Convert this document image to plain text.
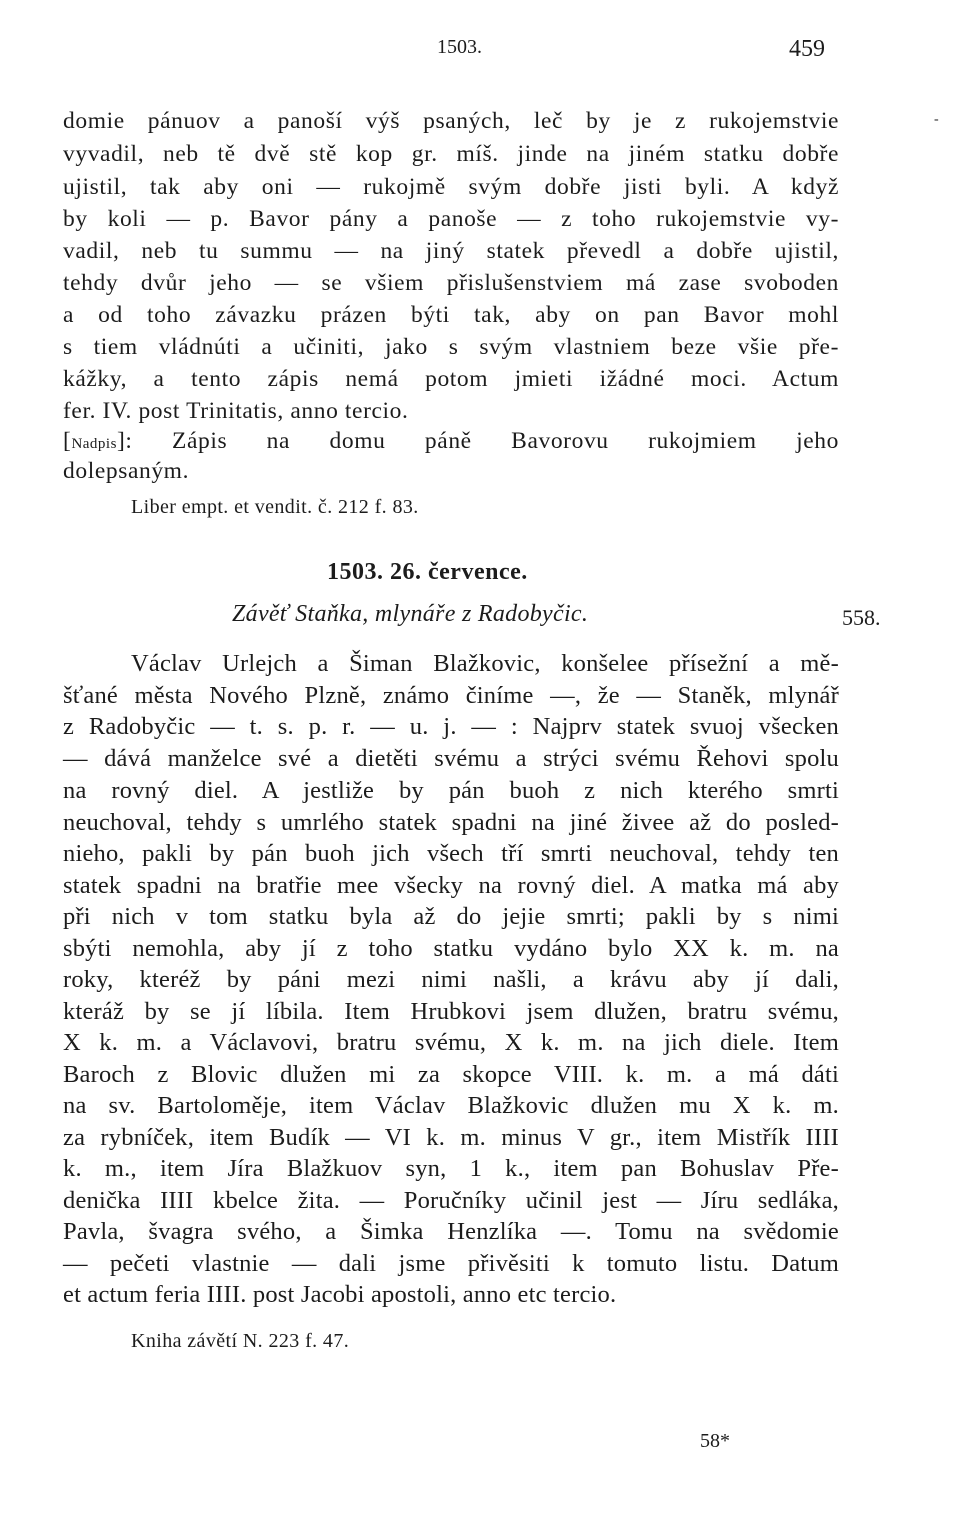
1503.	459
-
domie pánuov a panoší výš psaných, leč by je z rukojemstvie
vyvadil, neb tě dvě stě kop gr. míš. jinde na jiném statku dobře
ujistil, tak aby oni — rukojmě svým dobře jisti byli. A když
by koli — p. Bavor pány a panoše — z toho rukojemstvie vy-
vadil, neb tu summu — na jiný statek převedl a dobře ujistil,
tehdy dvůr jeho — se všiem přislušenstviem má zase svoboden
a od toho závazku prázen býti tak, aby on pan Bavor mohl
s tiem vládnúti a učiniti, jako s svým vlastniem beze všie pře-
kážky, a tento zápis nemá potom jmieti ižádné moci. Actum
fer. IV. post Trinitatis, anno tercio.
[Nadpis]: Zápis na domu páně Bavorovu rukojmiem jeho
dolepsaným.
Liber empt. et vendit. č. 212 f. 83.
1503. 26. července.
Závěť Staňka, mlynáře z Radobyčic.	558.
Václav Urlejch a Šiman Blažkovic, konšelee přísežní a mě-
šťané města Nového Plzně, známo činíme —, že — Staněk, mlynář
z Radobyčic — t. s. p. r. — u. j. — : Najprv statek svuoj všecken
— dává manželce své a dietěti svému a strýci svému Řehovi spolu
na rovný diel. A jestliže by pán buoh z nich kterého smrti
neuchoval, tehdy s umrlého statek spadni na jiné živee až do posled-
nieho, pakli by pán buoh jich všech tří smrti neuchoval, tehdy ten
statek spadni na bratřie mee všecky na rovný diel. A matka má aby
při nich v tom statku byla až do jejie smrti; pakli by s nimi
sbýti nemohla, aby jí z toho statku vydáno bylo XX k. m. na
roky, kteréž by páni mezi nimi našli, a krávu aby jí dali,
kteráž by se jí líbila. Item Hrubkovi jsem dlužen, bratru svému,
X k. m. a Václavovi, bratru svému, X k. m. na jich diele. Item
Baroch z Blovic dlužen mi za skopce VIII. k. m. a má dáti
na sv. Bartoloměje, item Václav Blažkovic dlužen mu X k. m.
za rybníček, item Budík — VI k. m. minus V gr., item Mistřík IIII
k. m., item Jíra Blažkuov syn, 1 k., item pan Bohuslav Pře-
denička IIII kbelce žita. — Poručníky učinil jest — Jíru sedláka,
Pavla, švagra svého, a Šimka Henzlíka —. Tomu na svědomie
— pečeti vlastnie — dali jsme přivěsiti k tomuto listu. Datum
et actum feria IIII. post Jacobi apostoli, anno etc tercio.
Kniha závětí N. 223 f. 47.
58*
